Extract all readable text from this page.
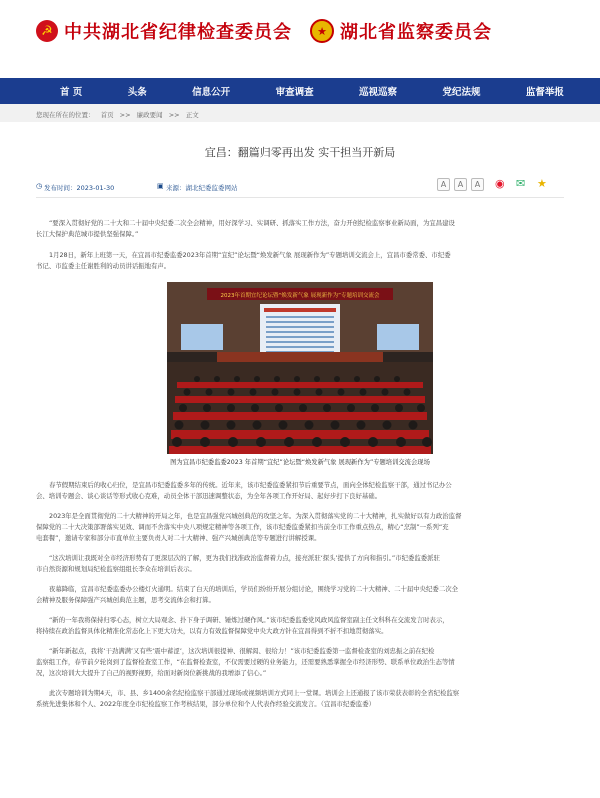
☭ 中共湖北省纪律检查委员会	★ 湖北省监察委员会
首 页	头条	信息公开	审查调查	巡视巡察	党纪法规	监督举报
您现在所在的位置： 首页 >> 廉政要闻 >> 正文
宜昌：翻篇归零再出发 实干担当开新局
◷ 发布时间：2023-01-30	▣ 来源：湖北纪委监委网站	A	A	A	◉ ✉ ★

“要深入贯彻好党的二十大和二十届中央纪委二次全会精神，用好深学习、实调研、抓落实工作方法，奋力开创纪检监察事业新局面，为宜昌建设

长江大保护典范城市提供坚强保障。”

1月28日，新年上班第一天，在宜昌市纪委监委2023年首期“宜纪”论坛暨“焕发新气象 展现新作为”专题培训交流会上，宜昌市委常委、市纪委

书记、市监委主任谢胜利的动员讲话振地有声。

2023年首期宜纪论坛暨“焕发新气象 展现新作为”专题培训交流会
图为宜昌市纪委监委2023 年首期“宜纪”论坛暨“焕发新气象 展现新作为”专题培训交流会现场

春节假期结束后的收心归位，是宜昌市纪委监委多年的传统。近年来，该市纪委监委紧扣节后重要节点，面向全体纪检监察干部，通过书记办公

会、培训专题会、谈心谈话等形式收心克难，动员全体干部迅速调整状态，为全年各项工作开好局、起好步打下良好基础。

2023年是全面贯彻党的二十大精神的开局之年，也是宜昌强党兴城创典范的攻坚之年。为深入贯彻落实党的二十大精神，扎实做好以有力政治监督

保障党的二十大决策部署落实见效、调而不舍落实中央八项规定精神等各项工作，该市纪委监委紧扣当前全市工作重点热点，精心“烹制”一系列“充

电套餐”，邀请专家和部分市直单位主要负责人对二十大精神、强产兴城创典范等专题进行讲解授课。

“这次培训让我既对全市经济形势有了更深层次的了解，更为我们找准政治监督着力点，接亮派驻‘探头’提供了方向和指引。”市纪委监委派驻

市自然资源和规划局纪检监察组组长李众在培训后表示。

夜幕降临，宜昌市纪委监委办公楼灯火通明。结束了白天的培训后，学员们纷纷开展分组讨论，围绕学习党的二十大精神、二十届中央纪委二次全

会精神及服务保障强产兴城创典范主题，思考交流体会和打算。

“新的一年我将保持归零心态，树立大局观念、扑下身子调研、锤炼过硬作风。”该市纪委监委党风政风监督室副主任文科科在交流发言时表示，

将持续在政治监督具体化精准化常态化上下更大功夫，以有力有效监督保障党中央大政方针在宜昌得到不折不扣地贯彻落实。

“新年新起点，我将‘干劲满满’又有些‘震中蓄涩’，这次培训很提神、很解渴、很给力！”该市纪委监委第一监督检查室的刘忠振之前在纪检

监察组工作，春节前夕轮岗到了监督检查室工作，“在监督检查室，不仅需要过硬的业务能力，还需要熟悉掌握全市经济形势、联系单位政治生态等情

况，这次培训大大提升了自己的视野视野，给面对新岗位新挑战的我增添了信心。”

此次专题培训为期4天，市、县、乡1400余名纪检监察干部通过现场或视频培训方式同上一堂课。培训会上还通报了该市荣获表彰的全省纪检监察

系统先进集体和个人、2022年度全市纪检监察工作考核结果，部分单位和个人代表作经验交流发言。（宜昌市纪委监委）
